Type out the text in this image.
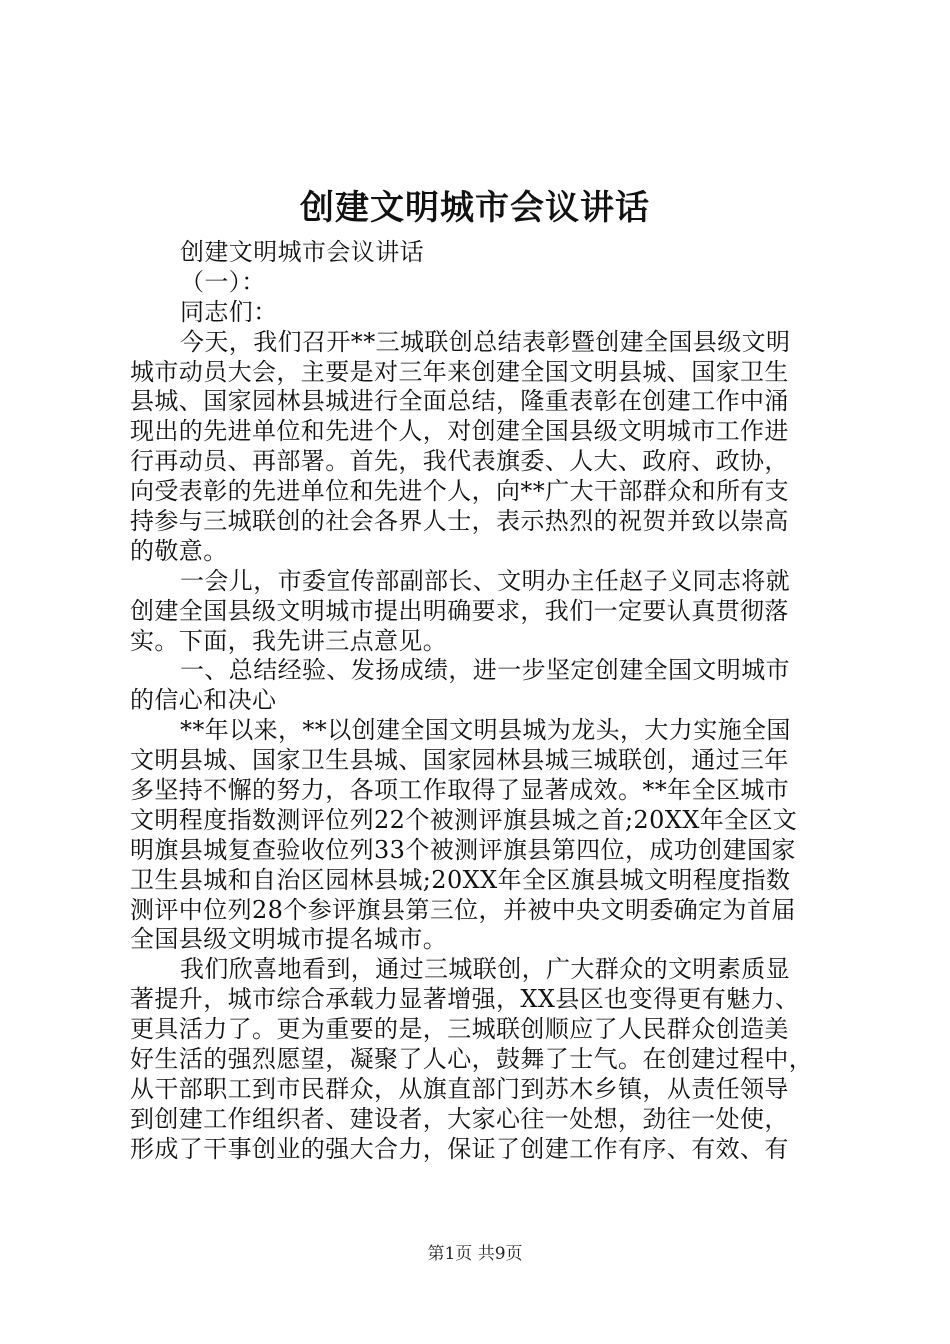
创建文明城市会议讲话
创建文明城市会议讲话
（一）：
同志们：
今天，我们召开**三城联创总结表彰暨创建全国县级文明
城市动员大会，主要是对三年来创建全国文明县城、国家卫生
县城、国家园林县城进行全面总结，隆重表彰在创建工作中涌
现出的先进单位和先进个人，对创建全国县级文明城市工作进
行再动员、再部署。首先，我代表旗委、人大、政府、政协，
向受表彰的先进单位和先进个人，向**广大干部群众和所有支
持参与三城联创的社会各界人士，表示热烈的祝贺并致以崇高
的敬意。
一会儿，市委宣传部副部长、文明办主任赵子义同志将就
创建全国县级文明城市提出明确要求，我们一定要认真贯彻落
实。下面，我先讲三点意见。
一、总结经验、发扬成绩，进一步坚定创建全国文明城市
的信心和决心
**年以来，**以创建全国文明县城为龙头，大力实施全国
文明县城、国家卫生县城、国家园林县城三城联创，通过三年
多坚持不懈的努力，各项工作取得了显著成效。**年全区城市
文明程度指数测评位列22个被测评旗县城之首;20XX年全区文
明旗县城复查验收位列33个被测评旗县第四位，成功创建国家
卫生县城和自治区园林县城;20XX年全区旗县城文明程度指数
测评中位列28个参评旗县第三位，并被中央文明委确定为首届
全国县级文明城市提名城市。
我们欣喜地看到，通过三城联创，广大群众的文明素质显
著提升，城市综合承载力显著增强，XX县区也变得更有魅力、
更具活力了。更为重要的是，三城联创顺应了人民群众创造美
好生活的强烈愿望，凝聚了人心，鼓舞了士气。在创建过程中，
从干部职工到市民群众，从旗直部门到苏木乡镇，从责任领导
到创建工作组织者、建设者，大家心往一处想，劲往一处使，
形成了干事创业的强大合力，保证了创建工作有序、有效、有
第1页 共9页
